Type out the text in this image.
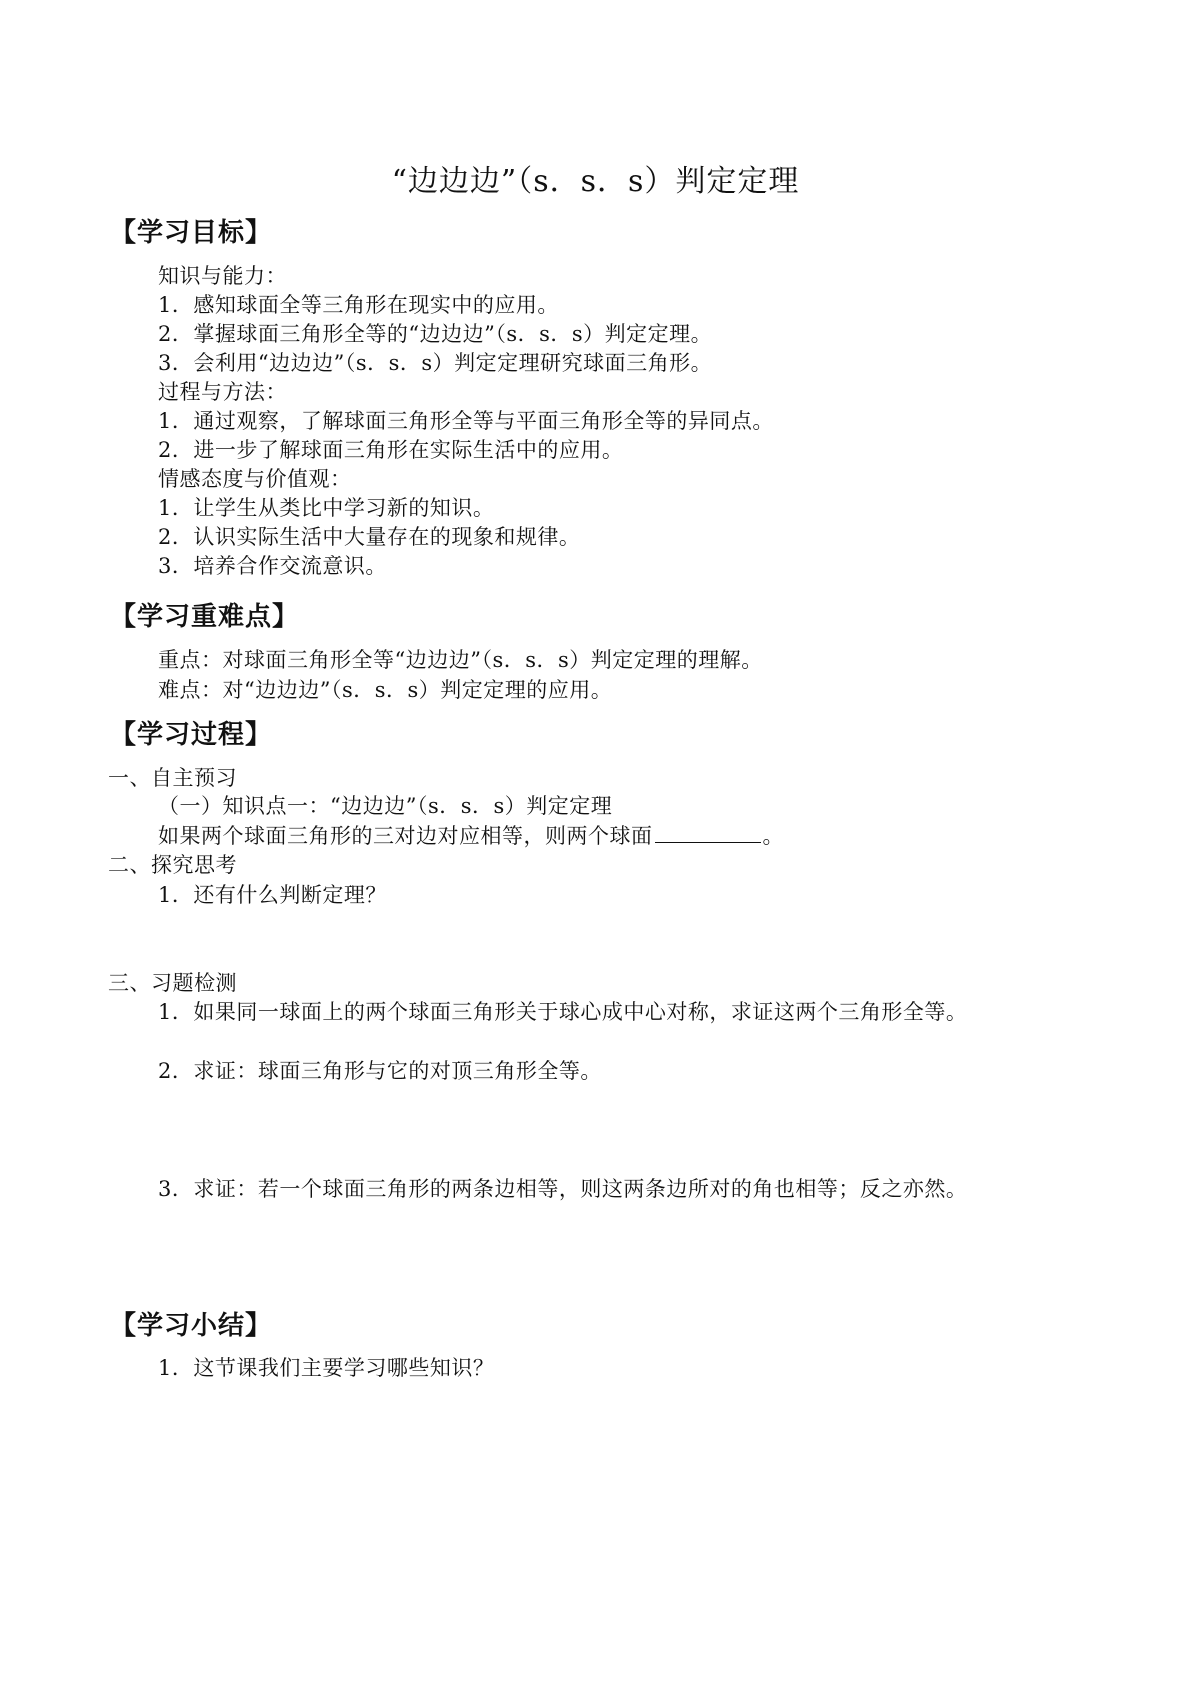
“边边边”（s．s．s）判定定理
【学习目标】
知识与能力：
1．感知球面全等三角形在现实中的应用。
2．掌握球面三角形全等的“边边边”（s．s．s）判定定理。
3．会利用“边边边”（s．s．s）判定定理研究球面三角形。
过程与方法：
1．通过观察，了解球面三角形全等与平面三角形全等的异同点。
2．进一步了解球面三角形在实际生活中的应用。
情感态度与价值观：
1．让学生从类比中学习新的知识。
2．认识实际生活中大量存在的现象和规律。
3．培养合作交流意识。
【学习重难点】
重点：对球面三角形全等“边边边”（s．s．s）判定定理的理解。
难点：对“边边边”（s．s．s）判定定理的应用。
【学习过程】
一、自主预习
（一）知识点一：“边边边”（s．s．s）判定定理
如果两个球面三角形的三对边对应相等，则两个球面	。
二、探究思考
1．还有什么判断定理？
三、习题检测
1．如果同一球面上的两个球面三角形关于球心成中心对称，求证这两个三角形全等。
2．求证：球面三角形与它的对顶三角形全等。
3．求证：若一个球面三角形的两条边相等，则这两条边所对的角也相等；反之亦然。
【学习小结】
1．这节课我们主要学习哪些知识？
